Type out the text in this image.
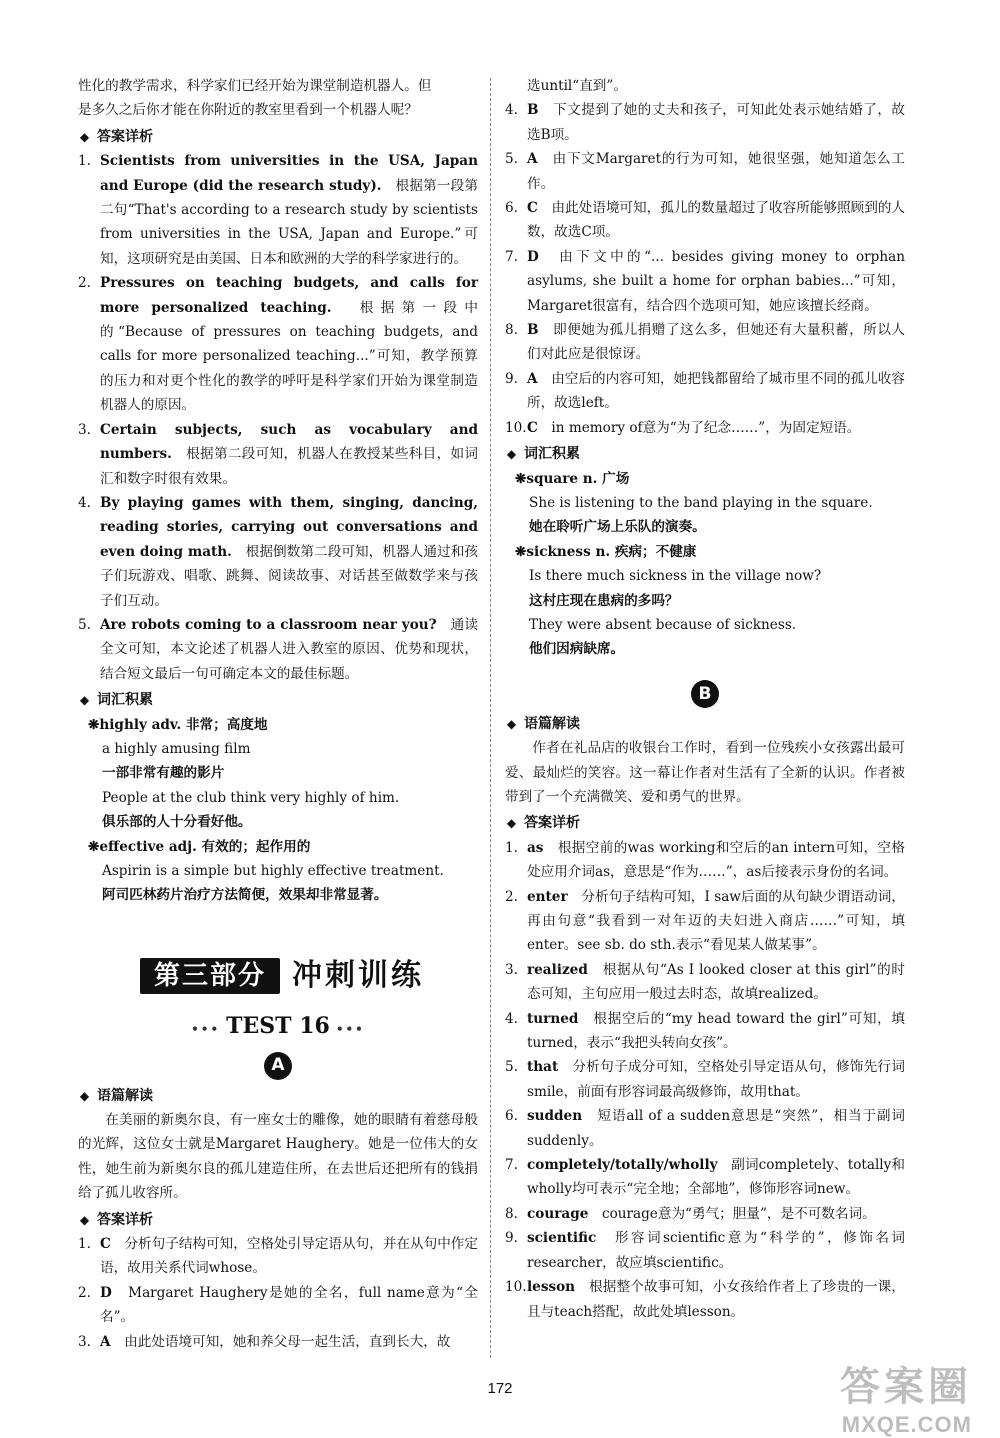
性化的教学需求，科学家们已经开始为课堂制造机器人。但
是多久之后你才能在你附近的教室里看到一个机器人呢？
◆ 答案详析
1. Scientists from universities in the USA, Japan and Europe (did the research study).　 根据第一段第二句“That's according to a research study by scientists from universities in the USA, Japan and Europe.”可知，这项研究是由美国、日本和欧洲的大学的科学家进行的。
2. Pressures on teaching budgets, and calls for more personalized teaching.　 根据第一段中的“Because of pressures on teaching budgets, and calls for more personalized teaching...”可知，教学预算的压力和对更个性化的教学的呼吁是科学家们开始为课堂制造机器人的原因。
3. Certain subjects, such as vocabulary and numbers.　 根据第二段可知，机器人在教授某些科目，如词汇和数字时很有效果。
4. By playing games with them, singing, dancing, reading stories, carrying out conversations and even doing math.　 根据倒数第二段可知，机器人通过和孩子们玩游戏、唱歌、跳舞、阅读故事、对话甚至做数学来与孩子们互动。
5. Are robots coming to a classroom near you?　 通读全文可知，本文论述了机器人进入教室的原因、优势和现状，结合短文最后一句可确定本文的最佳标题。
◆ 词汇积累
❋highly adv. 非常；高度地
a highly amusing film
一部非常有趣的影片
People at the club think very highly of him.
俱乐部的人十分看好他。
❋effective adj. 有效的；起作用的
Aspirin is a simple but highly effective treatment.
阿司匹林药片治疗方法简便，效果却非常显著。
第三部分 冲刺训练
••• TEST 16 •••
A
◆ 语篇解读
在美丽的新奥尔良，有一座女士的雕像，她的眼睛有着慈母般的光辉，这位女士就是Margaret Haughery。她是一位伟大的女性，她生前为新奥尔良的孤儿建造住所，在去世后还把所有的钱捐给了孤儿收容所。
◆ 答案详析
1. C　 分析句子结构可知，空格处引导定语从句，并在从句中作定语，故用关系代词whose。
2. D　 Margaret Haughery是她的全名，full name意为“全名”。
3. A　 由此处语境可知，她和养父母一起生活，直到长大，故
选until“直到”。
4. B　 下文提到了她的丈夫和孩子，可知此处表示她结婚了，故选B项。
5. A　 由下文Margaret的行为可知，她很坚强，她知道怎么工作。
6. C　 由此处语境可知，孤儿的数量超过了收容所能够照顾到的人数，故选C项。
7. D　 由下文中的“... besides giving money to orphan asylums, she built a home for orphan babies...”可知，Margaret很富有，结合四个选项可知，她应该擅长经商。
8. B　 即便她为孤儿捐赠了这么多，但她还有大量积蓄，所以人们对此应是很惊讶。
9. A　 由空后的内容可知，她把钱都留给了城市里不同的孤儿收容所，故选left。
10. C　 in memory of意为“为了纪念……”，为固定短语。
◆ 词汇积累
❋square n. 广场
She is listening to the band playing in the square.
她在聆听广场上乐队的演奏。
❋sickness n. 疾病；不健康
Is there much sickness in the village now?
这村庄现在患病的多吗？
They were absent because of sickness.
他们因病缺席。
B
◆ 语篇解读
作者在礼品店的收银台工作时，看到一位残疾小女孩露出最可爱、最灿烂的笑容。这一幕让作者对生活有了全新的认识。作者被带到了一个充满微笑、爱和勇气的世界。
◆ 答案详析
1. as　 根据空前的was working和空后的an intern可知，空格处应用介词as，意思是“作为……”，as后接表示身份的名词。
2. enter　 分析句子结构可知，I saw后面的从句缺少谓语动词，再由句意“我看到一对年迈的夫妇进入商店……”可知，填enter。see sb. do sth.表示“看见某人做某事”。
3. realized　 根据从句“As I looked closer at this girl”的时态可知，主句应用一般过去时态，故填realized。
4. turned　 根据空后的“my head toward the girl”可知，填turned，表示“我把头转向女孩”。
5. that　 分析句子成分可知，空格处引导定语从句，修饰先行词smile，前面有形容词最高级修饰，故用that。
6. sudden　 短语all of a sudden意思是“突然”，相当于副词suddenly。
7. completely/totally/wholly　 副词completely、totally和wholly均可表示“完全地；全部地”，修饰形容词new。
8. courage　 courage意为“勇气；胆量”，是不可数名词。
9. scientific　 形容词scientific意为“科学的”，修饰名词researcher，故应填scientific。
10. lesson　 根据整个故事可知，小女孩给作者上了珍贵的一课，且与teach搭配，故此处填lesson。
172	答案圈
MXQE.COM
